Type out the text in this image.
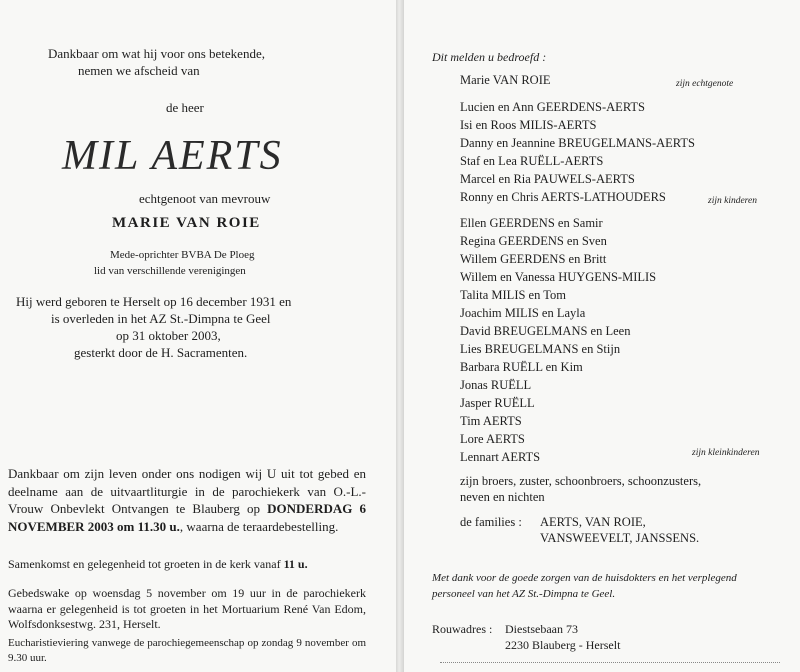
Dankbaar om wat hij voor ons betekende,
nemen we afscheid van
de heer
MIL AERTS
echtgenoot van mevrouw
MARIE VAN ROIE
Mede-oprichter BVBA De Ploeg
lid van verschillende verenigingen
Hij werd geboren te Herselt op 16 december 1931 en
is overleden in het AZ St.-Dimpna te Geel
op 31 oktober 2003,
gesterkt door de H. Sacramenten.
Dankbaar om zijn leven onder ons nodigen wij U uit tot gebed en deelname aan de uitvaartliturgie in de parochiekerk van O.-L.-Vrouw Onbevlekt Ontvangen te Blauberg op DONDERDAG 6 NOVEMBER 2003 om 11.30 u., waarna de teraardebestelling.
Samenkomst en gelegenheid tot groeten in de kerk vanaf 11 u.
Gebedswake op woensdag 5 november om 19 uur in de parochiekerk waarna er gelegenheid is tot groeten in het Mortuarium René Van Edom, Wolfsdonksestwg. 231, Herselt.
Eucharistieviering vanwege de parochiegemeenschap op zondag 9 november om 9.30 uur.
Dit melden u bedroefd :
Marie VAN ROIE	zijn echtgenote
Lucien en Ann GEERDENS-AERTS
Isi en Roos MILIS-AERTS
Danny en Jeannine BREUGELMANS-AERTS
Staf en Lea RUËLL-AERTS
Marcel en Ria PAUWELS-AERTS
Ronny en Chris AERTS-LATHOUDERS	zijn kinderen
Ellen GEERDENS en Samir
Regina GEERDENS en Sven
Willem GEERDENS en Britt
Willem en Vanessa HUYGENS-MILIS
Talita MILIS en Tom
Joachim MILIS en Layla
David BREUGELMANS en Leen
Lies BREUGELMANS en Stijn
Barbara RUËLL en Kim
Jonas RUËLL
Jasper RUËLL
Tim AERTS
Lore AERTS
Lennart AERTS	zijn kleinkinderen
zijn broers, zuster, schoonbroers, schoonzusters,
neven en nichten
de families : AERTS, VAN ROIE,
VANSWEEVELT, JANSSENS.
Met dank voor de goede zorgen van de huisdokters en het verplegend
personeel van het AZ St.-Dimpna te Geel.
Rouwadres : Diestsebaan 73
2230 Blauberg - Herselt
